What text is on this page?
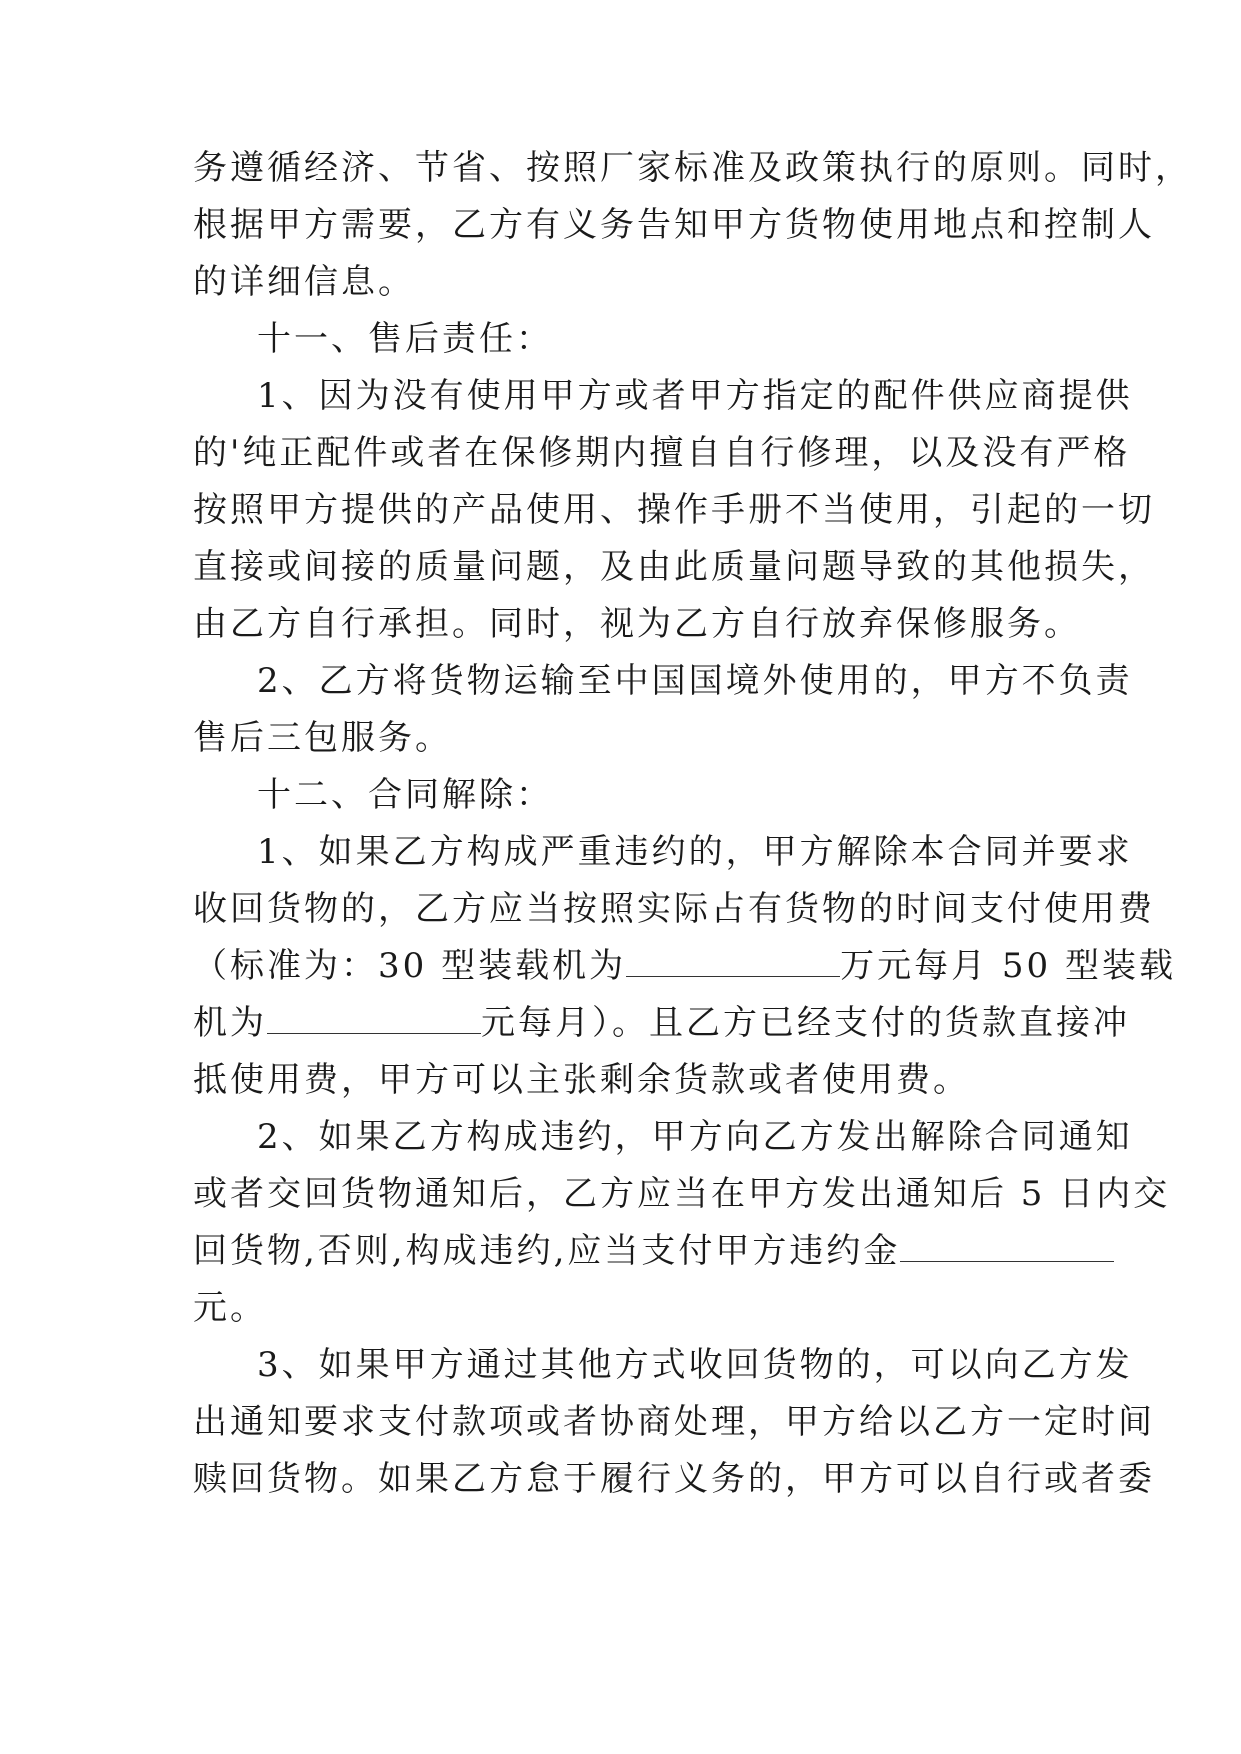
务遵循经济、节省、按照厂家标准及政策执行的原则。同时，
根据甲方需要，乙方有义务告知甲方货物使用地点和控制人
的详细信息。
十一、售后责任：
1、因为没有使用甲方或者甲方指定的配件供应商提供
的'纯正配件或者在保修期内擅自自行修理，以及没有严格
按照甲方提供的产品使用、操作手册不当使用，引起的一切
直接或间接的质量问题，及由此质量问题导致的其他损失，
由乙方自行承担。同时，视为乙方自行放弃保修服务。
2、乙方将货物运输至中国国境外使用的，甲方不负责
售后三包服务。
十二、合同解除：
1、如果乙方构成严重违约的，甲方解除本合同并要求
收回货物的，乙方应当按照实际占有货物的时间支付使用费
（标准为：30 型装载机为	万元每月 50 型装载
机为	元每月）。且乙方已经支付的货款直接冲
抵使用费，甲方可以主张剩余货款或者使用费。
2、如果乙方构成违约，甲方向乙方发出解除合同通知
或者交回货物通知后，乙方应当在甲方发出通知后 5 日内交
回货物,否则,构成违约,应当支付甲方违约金
元。
3、如果甲方通过其他方式收回货物的，可以向乙方发
出通知要求支付款项或者协商处理，甲方给以乙方一定时间
赎回货物。如果乙方怠于履行义务的，甲方可以自行或者委
